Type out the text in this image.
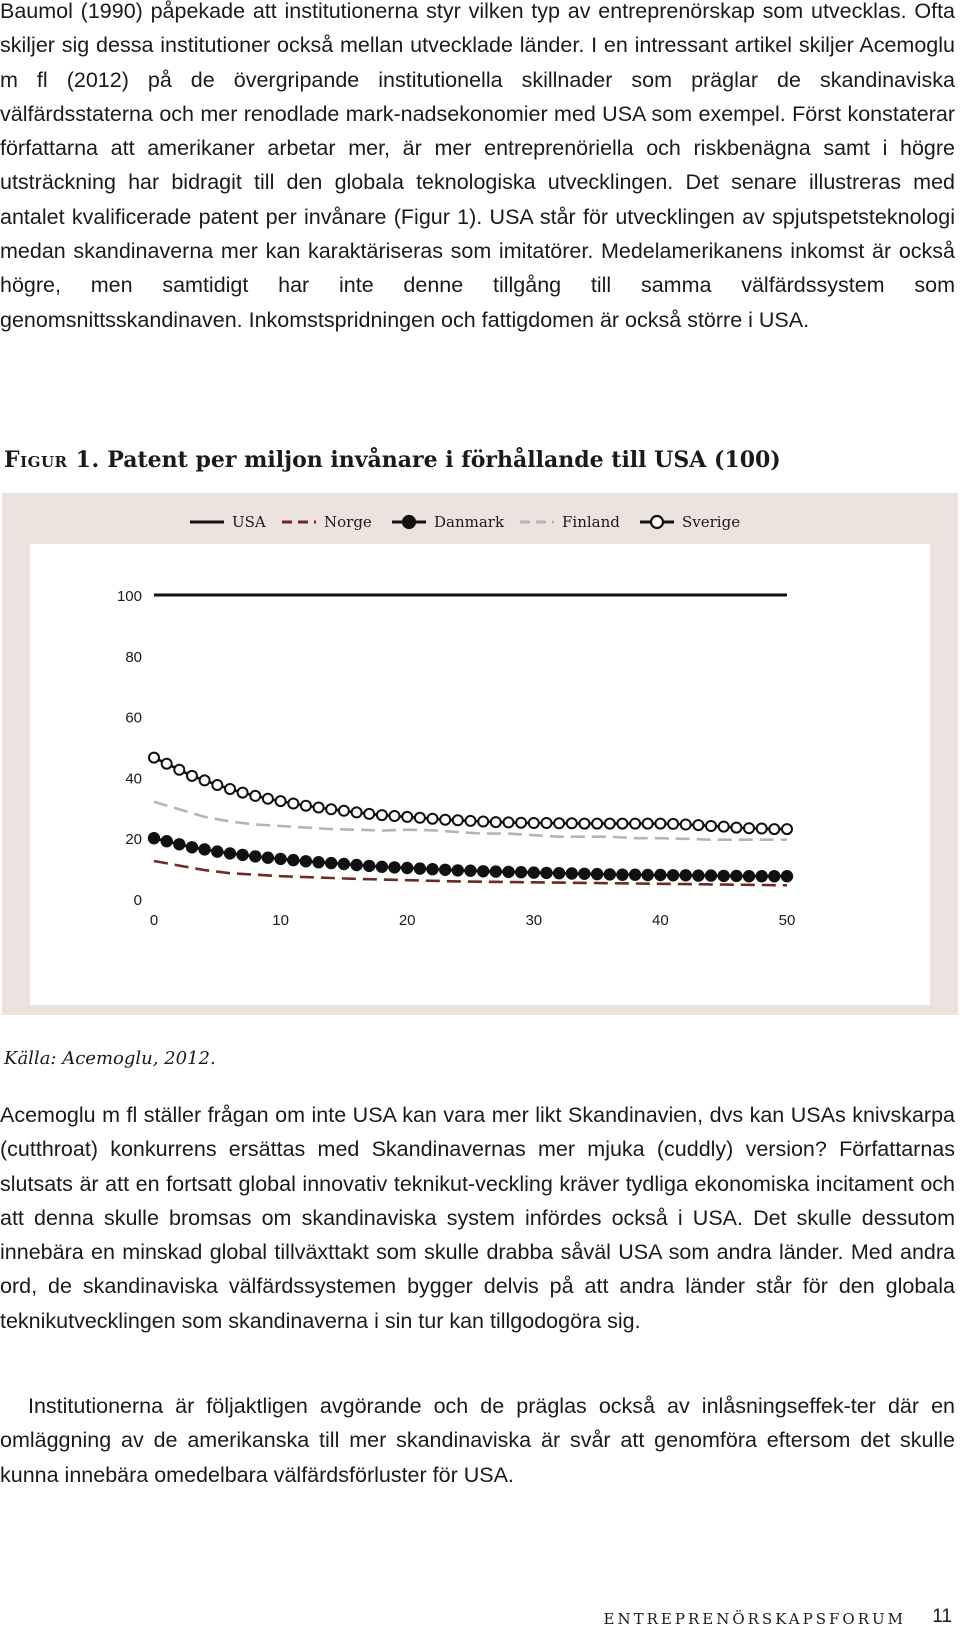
Baumol (1990) påpekade att institutionerna styr vilken typ av entreprenörskap som utvecklas. Ofta skiljer sig dessa institutioner också mellan utvecklade länder. I en intressant artikel skiljer Acemoglu m fl (2012) på de övergripande institutionella skillnader som präglar de skandinaviska välfärdsstaterna och mer renodlade mark-nadsekonomier med USA som exempel. Först konstaterar författarna att amerikaner arbetar mer, är mer entreprenöriella och riskbenägna samt i högre utsträckning har bidragit till den globala teknologiska utvecklingen. Det senare illustreras med antalet kvalificerade patent per invånare (Figur 1). USA står för utvecklingen av spjutspetsteknologi medan skandinaverna mer kan karaktäriseras som imitatörer. Medelamerikanens inkomst är också högre, men samtidigt har inte denne tillgång till samma välfärdssystem som genomsnittsskandinaven. Inkomstspridningen och fattigdomen är också större i USA.

Figur 1. Patent per miljon invånare i förhållande till USA (100)
0
20
40
60
80
100
0	10	20	30	40	50
USA	Norge	Danmark	Finland	Sverige
Källa: Acemoglu, 2012.

Acemoglu m fl ställer frågan om inte USA kan vara mer likt Skandinavien, dvs kan USAs knivskarpa (cutthroat) konkurrens ersättas med Skandinavernas mer mjuka (cuddly) version? Författarnas slutsats är att en fortsatt global innovativ teknikut-veckling kräver tydliga ekonomiska incitament och att denna skulle bromsas om skandinaviska system infördes också i USA. Det skulle dessutom innebära en minskad global tillväxttakt som skulle drabba såväl USA som andra länder. Med andra ord, de skandinaviska välfärdssystemen bygger delvis på att andra länder står för den globala teknikutvecklingen som skandinaverna i sin tur kan tillgodogöra sig.

Institutionerna är följaktligen avgörande och de präglas också av inlåsningseffek-ter där en omläggning av de amerikanska till mer skandinaviska är svår att genomföra eftersom det skulle kunna innebära omedelbara välfärdsförluster för USA.

ENTREPRENÖRSKAPSFORUM 11
